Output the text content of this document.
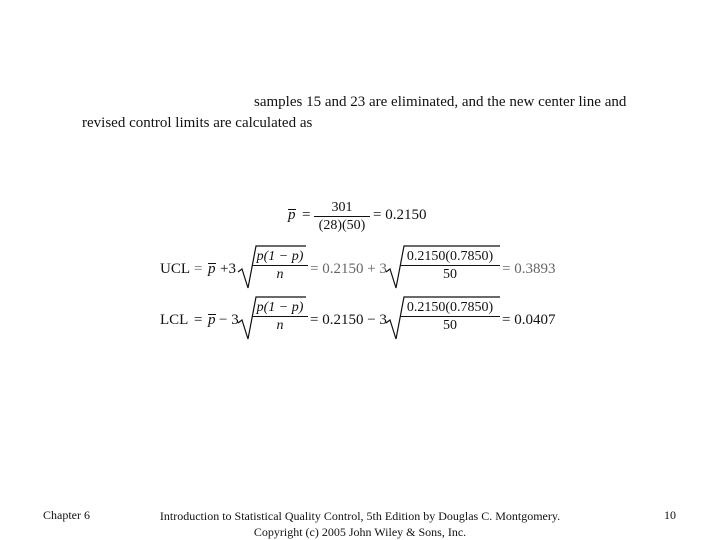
samples 15 and 23 are eliminated, and the new center line and
revised control limits are calculated as
p =	301
(28)(50)
= 0.2150
UCL = p +3
p(1 − p)
n	= 0.2150 + 3
0.2150(0.7850)
50	= 0.3893
LCL = p − 3
p(1 − p)
n	= 0.2150 − 3
0.2150(0.7850)
50	= 0.0407
Chapter 6	Introduction to Statistical Quality Control, 5th Edition by Douglas C. Montgomery.
Copyright (c) 2005 John Wiley & Sons, Inc.
10
